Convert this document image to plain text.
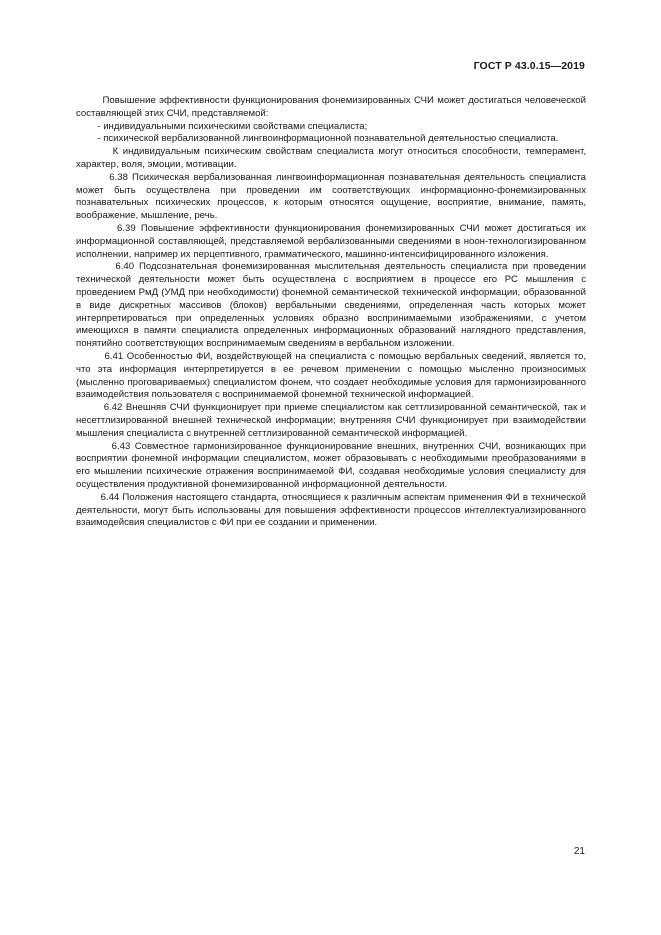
ГОСТ Р 43.0.15—2019

Повышение эффективности функционирования фонемизированных СЧИ может достигаться человеческой составляющей этих СЧИ, представляемой:

- индивидуальными психическими свойствами специалиста;

- психической вербализованной лингвоинформационной познавательной деятельностью специалиста.

К индивидуальным психическим свойствам специалиста могут относиться способности, темперамент, характер, воля, эмоции, мотивации.

6.38 Психическая вербализованная лингвоинформационная познавательная деятельность специалиста может быть осуществлена при проведении им соответствующих информационно-фонемизированных познавательных психических процессов, к которым относятся ощущение, восприятие, внимание, память, воображение, мышление, речь.

6.39 Повышение эффективности функционирования фонемизированных СЧИ может достигаться их информационной составляющей, представляемой вербализованными сведениями в ноон-технологизированном исполнении, например их перцептивного, грамматического, машинно-интенсифицированного изложения.

6.40 Подсознательная фонемизированная мыслительная деятельность специалиста при проведении технической деятельности может быть осуществлена с восприятием в процессе его РС мышления с проведением РмД (УМД при необходимости) фонемной семантической технической информации, образованной в виде дискретных массивов (блоков) вербальными сведениями, определенная часть которых может интерпретироваться при определенных условиях образно воспринимаемыми изображениями, с учетом имеющихся в памяти специалиста определенных информационных образований наглядного представления, понятийно соответствующих воспринимаемым сведениям в вербальном изложении.

6.41 Особенностью ФИ, воздействующей на специалиста с помощью вербальных сведений, является то, что эта информация интерпретируется в ее речевом применении с помощью мысленно произносимых (мысленно проговариваемых) специалистом фонем, что создает необходимые условия для гармонизированного взаимодействия пользователя с воспринимаемой фонемной технической информацией.

6.42 Внешняя СЧИ функционирует при приеме специалистом как сеттлизированной семантической, так и несеттлизированной внешней технической информации; внутренняя СЧИ функционирует при взаимодействии мышления специалиста с внутренней сеттлизированной семантической информацией.

6.43 Совместное гармонизированное функционирование внешних, внутренних СЧИ, возникающих при восприятии фонемной информации специалистом, может образовывать с необходимыми преобразованиями в его мышлении психические отражения воспринимаемой ФИ, создавая необходимые условия специалисту для осуществления продуктивной фонемизированной информационной деятельности.

6.44 Положения настоящего стандарта, относящиеся к различным аспектам применения ФИ в технической деятельности, могут быть использованы для повышения эффективности процессов интеллектуализированного взаимодейсвия специалистов с ФИ при ее создании и применении.

21
